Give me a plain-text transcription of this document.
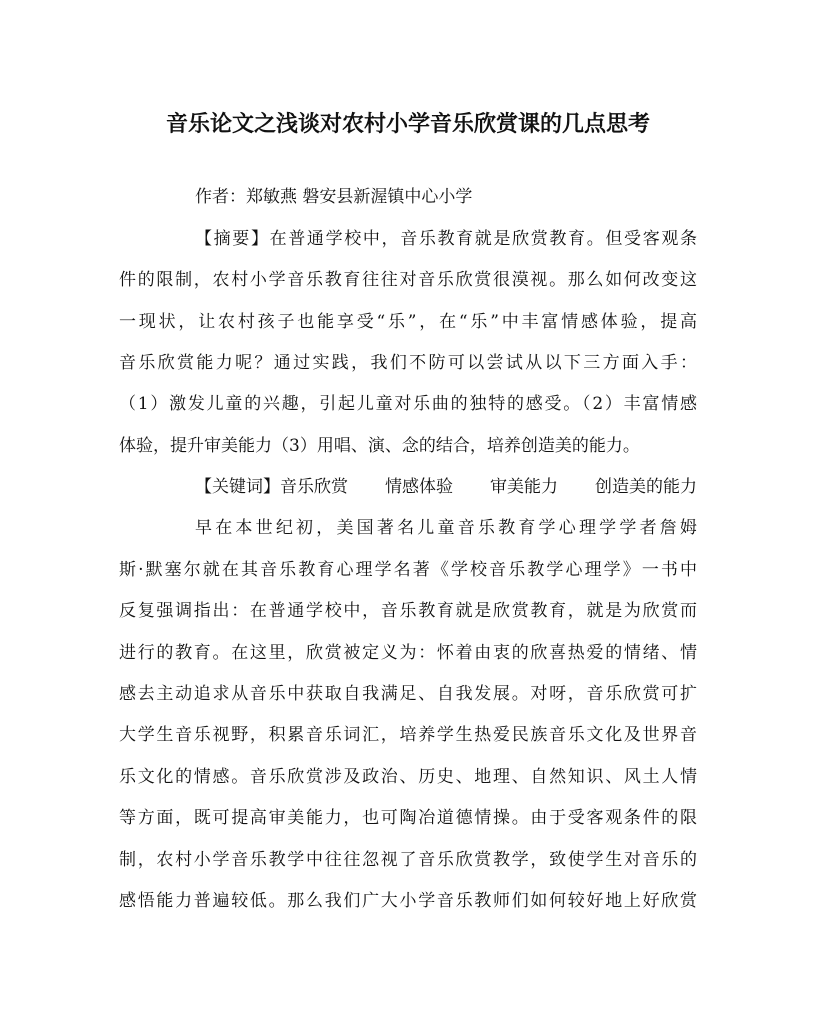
音乐论文之浅谈对农村小学音乐欣赏课的几点思考

作者：郑敏燕 磐安县新渥镇中心小学

【摘要】在普通学校中，音乐教育就是欣赏教育。但受客观条

件的限制，农村小学音乐教育往往对音乐欣赏很漠视。那么如何改变这

一现状，让农村孩子也能享受“乐”，在“乐”中丰富情感体验，提高

音乐欣赏能力呢？通过实践，我们不防可以尝试从以下三方面入手：

（1）激发儿童的兴趣，引起儿童对乐曲的独特的感受。（2）丰富情感

体验，提升审美能力（3）用唱、演、念的结合，培养创造美的能力。

【关键词】音乐欣赏 情感体验 审美能力 创造美的能力

早在本世纪初，美国著名儿童音乐教育学心理学学者詹姆

斯·默塞尔就在其音乐教育心理学名著《学校音乐教学心理学》一书中

反复强调指出：在普通学校中，音乐教育就是欣赏教育，就是为欣赏而

进行的教育。在这里，欣赏被定义为：怀着由衷的欣喜热爱的情绪、情

感去主动追求从音乐中获取自我满足、自我发展。对呀，音乐欣赏可扩

大学生音乐视野，积累音乐词汇，培养学生热爱民族音乐文化及世界音

乐文化的情感。音乐欣赏涉及政治、历史、地理、自然知识、风土人情

等方面，既可提高审美能力，也可陶冶道德情操。由于受客观条件的限

制，农村小学音乐教学中往往忽视了音乐欣赏教学，致使学生对音乐的

感悟能力普遍较低。那么我们广大小学音乐教师们如何较好地上好欣赏
